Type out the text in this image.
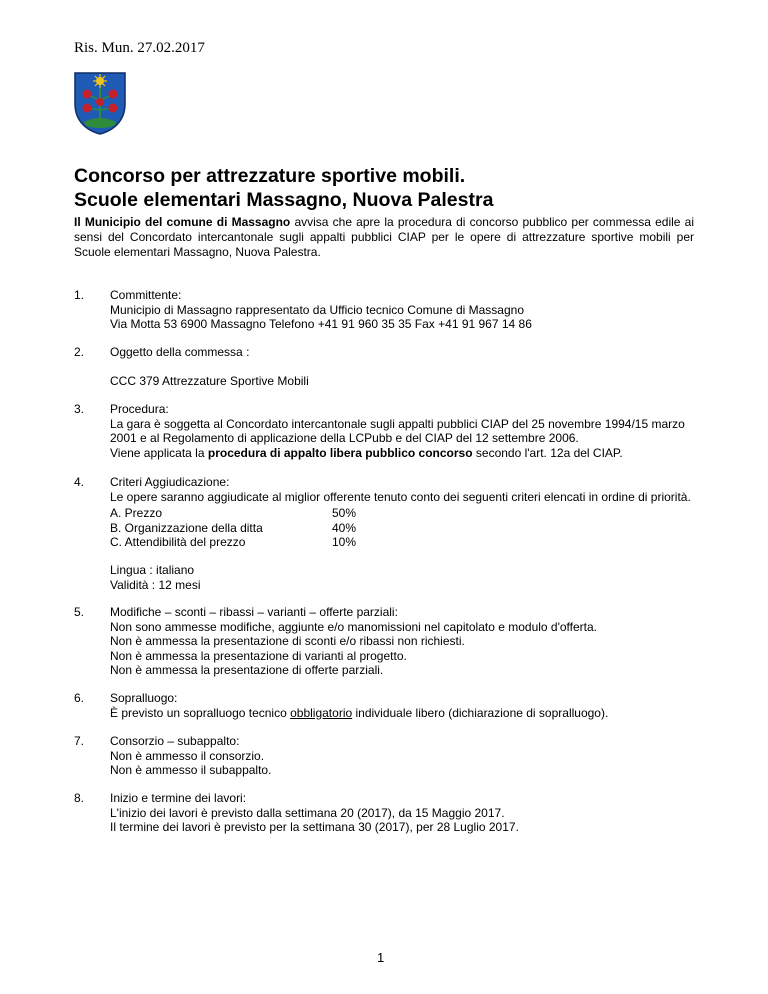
Ris. Mun. 27.02.2017
Concorso per attrezzature sportive mobili.
Scuole elementari Massagno, Nuova Palestra
Il Municipio del comune di Massagno avvisa che apre la procedura di concorso pubblico per commessa edile ai sensi del Concordato intercantonale sugli appalti pubblici CIAP per le opere di attrezzature sportive mobili per Scuole elementari Massagno, Nuova Palestra.
1. Committente:

Municipio di Massagno rappresentato da Ufficio tecnico Comune di Massagno

Via Motta 53 6900 Massagno Telefono +41 91 960 35 35 Fax +41 91 967 14 86

2. Oggetto della commessa :

CCC 379 Attrezzature Sportive Mobili

3. Procedura:

La gara è soggetta al Concordato intercantonale sugli appalti pubblici CIAP del 25 novembre 1994/15 marzo 2001 e al Regolamento di applicazione della LCPubb e del CIAP del 12 settembre 2006.

Viene applicata la procedura di appalto libera pubblico concorso secondo l'art. 12a del CIAP.

4. Criteri Aggiudicazione:

Le opere saranno aggiudicate al miglior offerente tenuto conto dei seguenti criteri elencati in ordine di priorità.

A. Prezzo	50%
B. Organizzazione della ditta	40%
C. Attendibilità del prezzo	10%
Lingua : italiano
Validità : 12 mesi
5. Modifiche – sconti – ribassi – varianti – offerte parziali:

Non sono ammesse modifiche, aggiunte e/o manomissioni nel capitolato e modulo d'offerta.

Non è ammessa la presentazione di sconti e/o ribassi non richiesti.

Non è ammessa la presentazione di varianti al progetto.

Non è ammessa la presentazione di offerte parziali.

6. Sopralluogo:

È previsto un sopralluogo tecnico obbligatorio individuale libero (dichiarazione di sopralluogo).

7. Consorzio – subappalto:

Non è ammesso il consorzio.

Non è ammesso il subappalto.

8. Inizio e termine dei lavori:

L'inizio dei lavori è previsto dalla settimana 20 (2017), da 15 Maggio 2017.

Il termine dei lavori è previsto per la settimana 30 (2017), per 28 Luglio 2017.

1
